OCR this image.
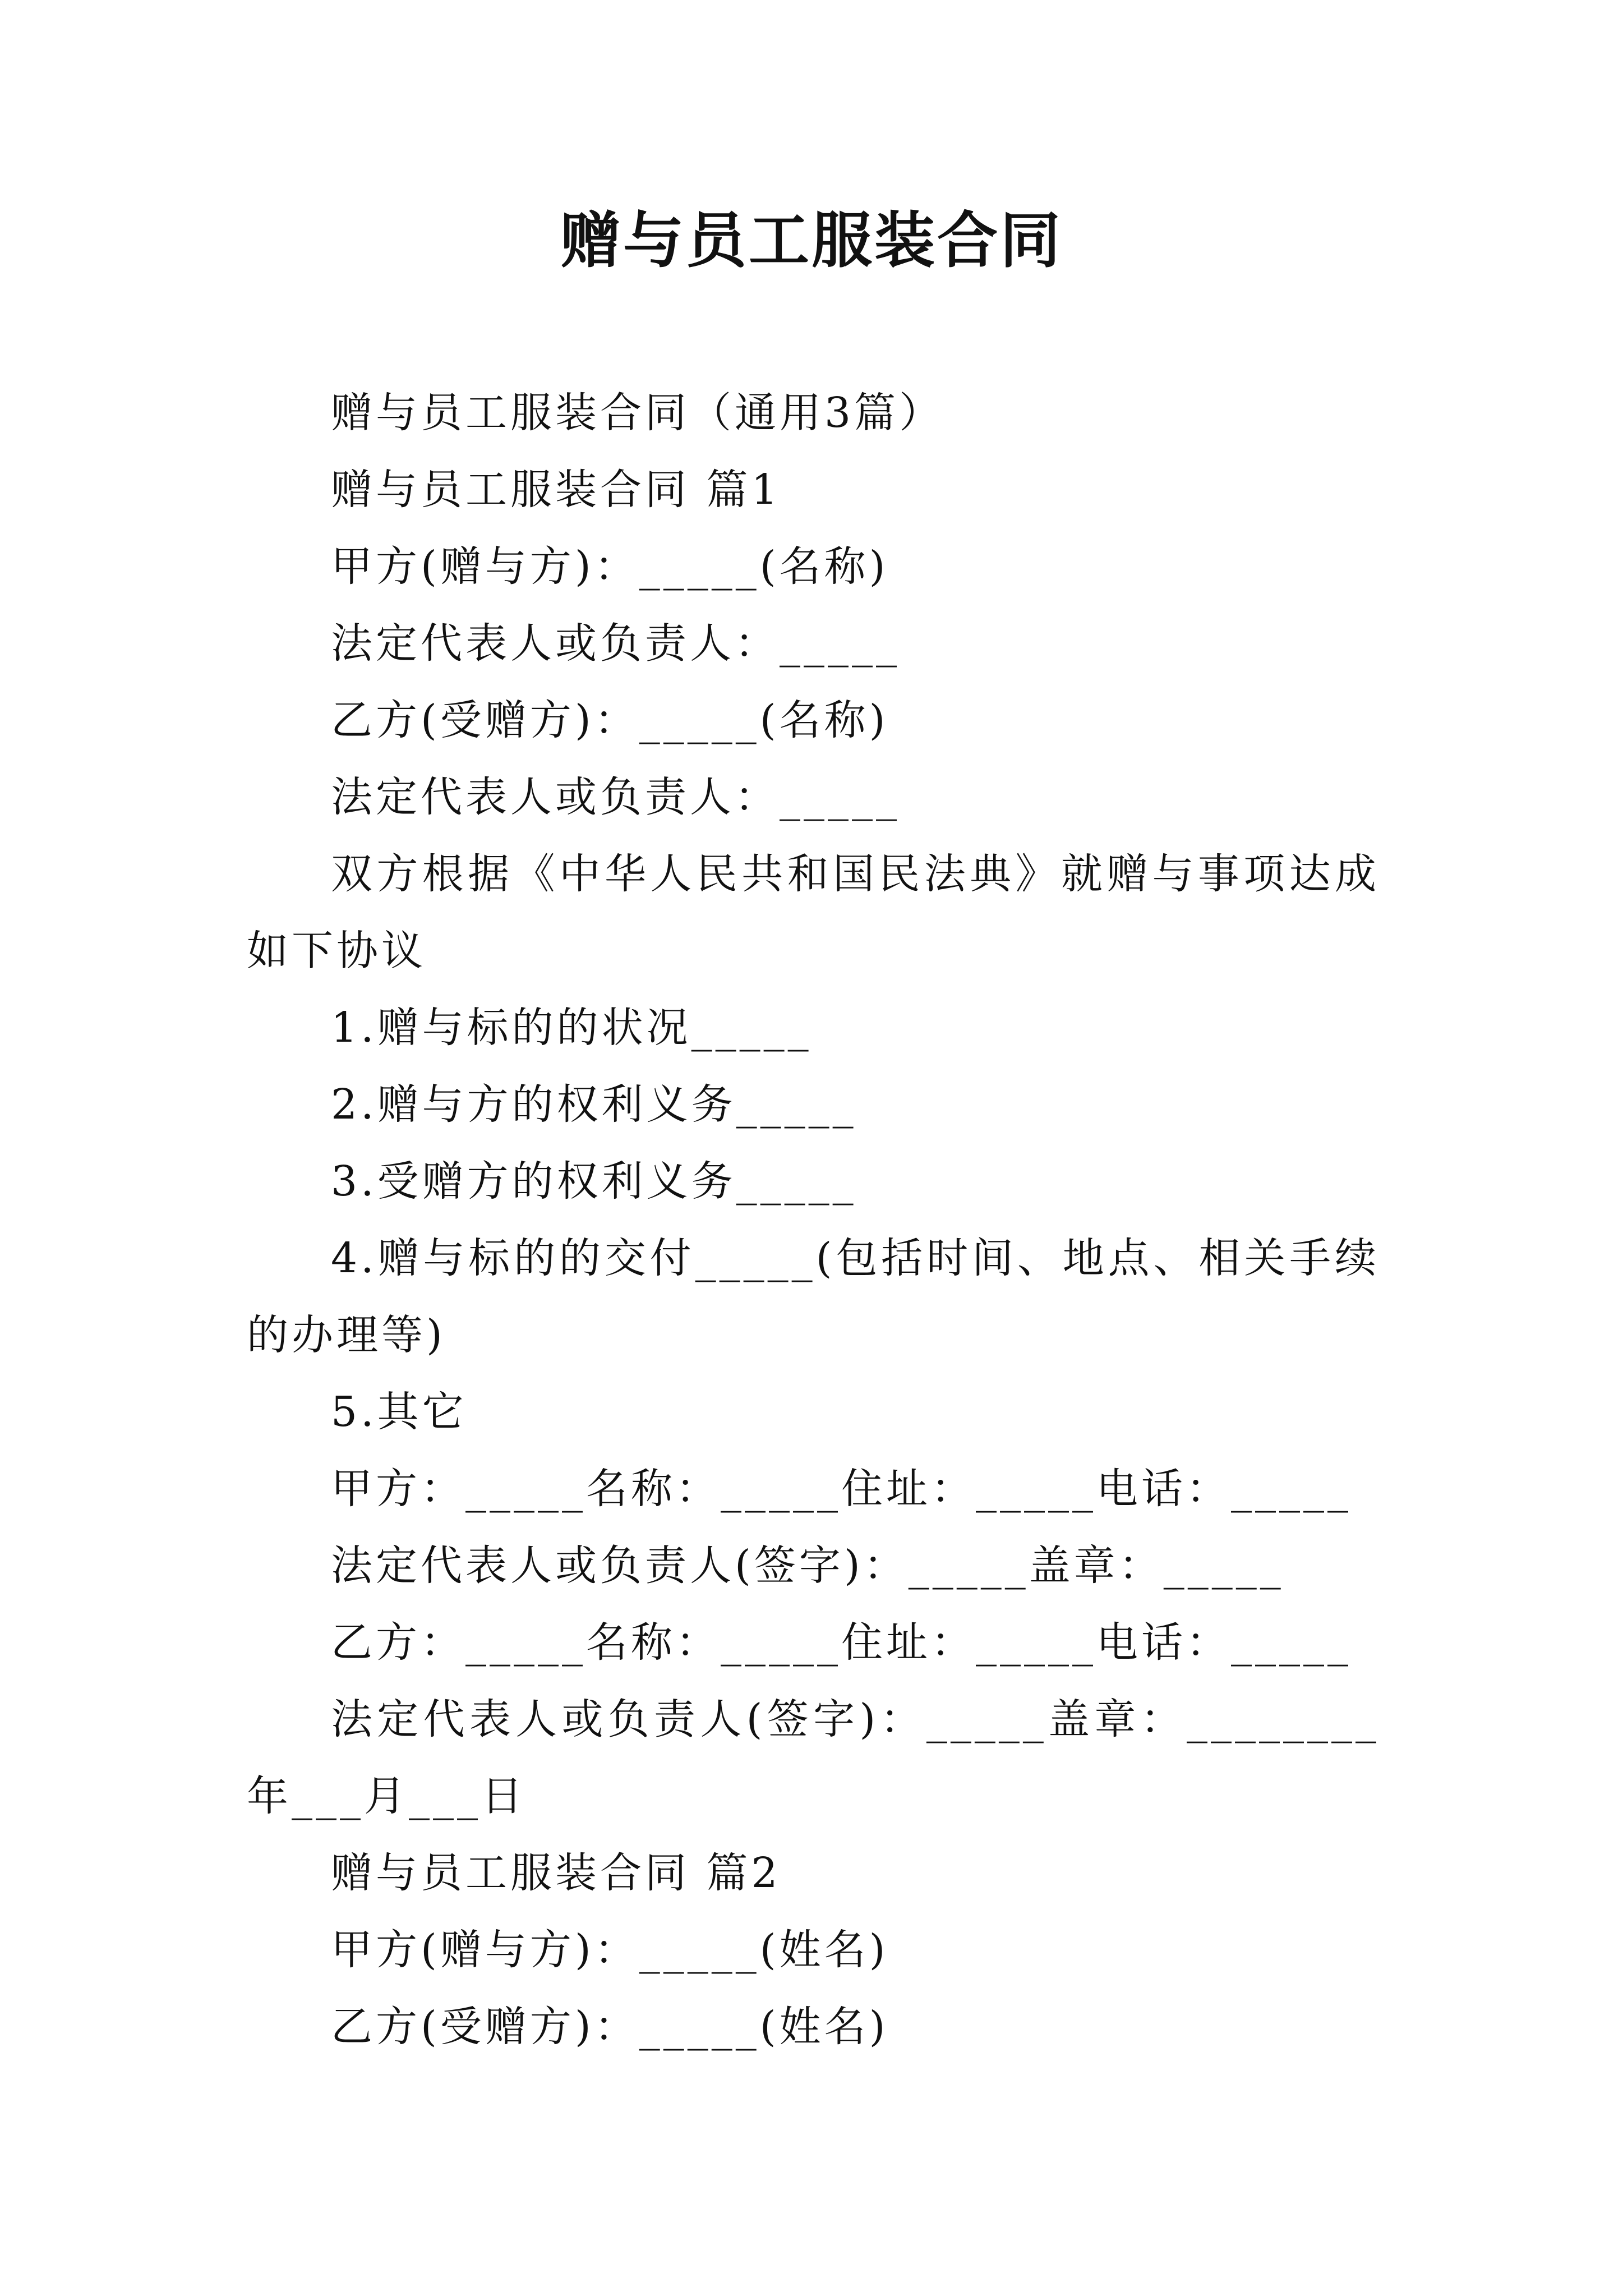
赠与员工服装合同

赠与员工服装合同（通用3篇）

赠与员工服装合同 篇1

甲方(赠与方)：_____(名称)

法定代表人或负责人：_____

乙方(受赠方)：_____(名称)

法定代表人或负责人：_____

双方根据《中华人民共和国民法典》就赠与事项达成如下协议

1.赠与标的的状况_____

2.赠与方的权利义务_____

3.受赠方的权利义务_____

4.赠与标的的交付_____(包括时间、地点、相关手续的办理等)

5.其它

甲方：_____名称：_____住址：_____电话：_____

法定代表人或负责人(签字)：_____盖章：_____

乙方：_____名称：_____住址：_____电话：_____

法定代表人或负责人(签字)：_____盖章：________年___月___日

赠与员工服装合同 篇2

甲方(赠与方)：_____(姓名)

乙方(受赠方)：_____(姓名)
